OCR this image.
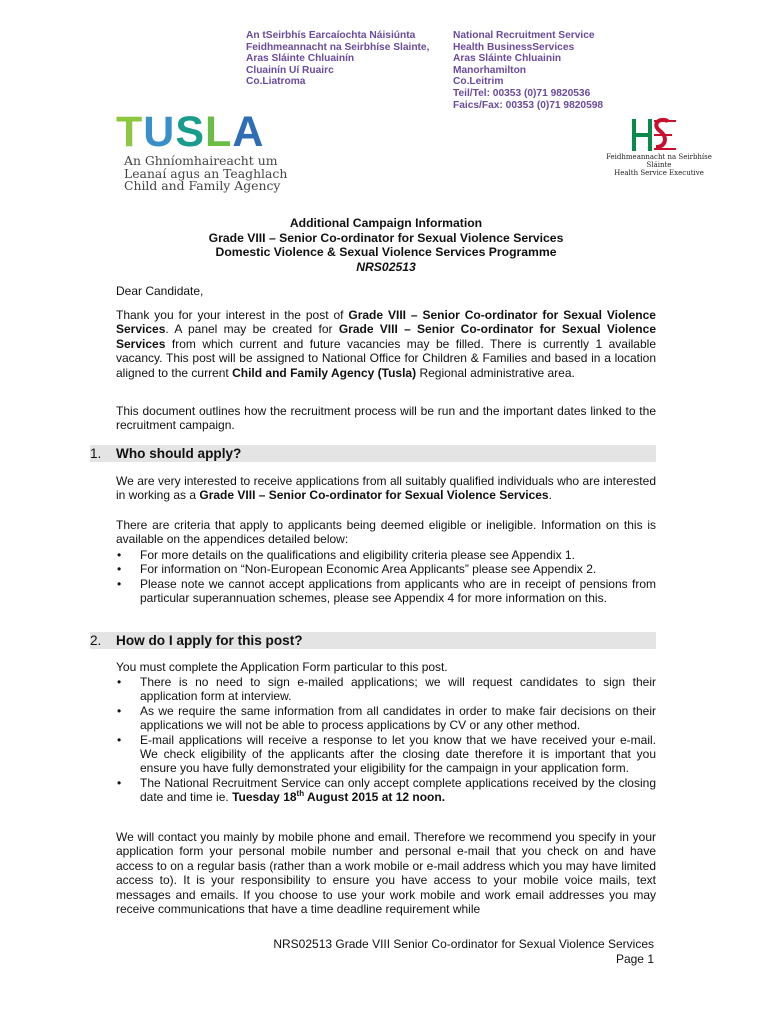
An tSeirbhís Earcaíochta Náisiúnta
Feidhmeannacht na Seirbhíse Slainte,
Aras Sláinte Chluainín
Cluainín Uí Ruairc
Co.Liatroma
National Recruitment Service
Health BusinessServices
Aras Sláinte Chluainin
Manorhamilton
Co.Leitrim
Teil/Tel: 00353 (0)71 9820536
Faics/Fax: 00353 (0)71 9820598
TUSLA
An Ghníomhaireacht um
Leanaí agus an Teaghlach
Child and Family Agency
Feidhmeannacht na Seirbhíse Sláinte
Health Service Executive
Additional Campaign Information
Grade VIII – Senior Co-ordinator for Sexual Violence Services
Domestic Violence & Sexual Violence Services Programme
NRS02513
Dear Candidate,
Thank you for your interest in the post of Grade VIII – Senior Co-ordinator for Sexual Violence Services. A panel may be created for Grade VIII – Senior Co-ordinator for Sexual Violence Services from which current and future vacancies may be filled. There is currently 1 available vacancy. This post will be assigned to National Office for Children & Families and based in a location aligned to the current Child and Family Agency (Tusla) Regional administrative area.
This document outlines how the recruitment process will be run and the important dates linked to the recruitment campaign.
1. Who should apply?
We are very interested to receive applications from all suitably qualified individuals who are interested in working as a Grade VIII – Senior Co-ordinator for Sexual Violence Services.
There are criteria that apply to applicants being deemed eligible or ineligible. Information on this is available on the appendices detailed below:
• For more details on the qualifications and eligibility criteria please see Appendix 1.
• For information on “Non-European Economic Area Applicants” please see Appendix 2.
• Please note we cannot accept applications from applicants who are in receipt of pensions from particular superannuation schemes, please see Appendix 4 for more information on this.
2. How do I apply for this post?
You must complete the Application Form particular to this post.
• There is no need to sign e-mailed applications; we will request candidates to sign their application form at interview.
• As we require the same information from all candidates in order to make fair decisions on their applications we will not be able to process applications by CV or any other method.
• E-mail applications will receive a response to let you know that we have received your e-mail. We check eligibility of the applicants after the closing date therefore it is important that you ensure you have fully demonstrated your eligibility for the campaign in your application form.
• The National Recruitment Service can only accept complete applications received by the closing date and time ie. Tuesday 18th August 2015 at 12 noon.
We will contact you mainly by mobile phone and email. Therefore we recommend you specify in your application form your personal mobile number and personal e-mail that you check on and have access to on a regular basis (rather than a work mobile or e-mail address which you may have limited access to). It is your responsibility to ensure you have access to your mobile voice mails, text messages and emails. If you choose to use your work mobile and work email addresses you may receive communications that have a time deadline requirement while
NRS02513 Grade VIII Senior Co-ordinator for Sexual Violence Services
Page 1
